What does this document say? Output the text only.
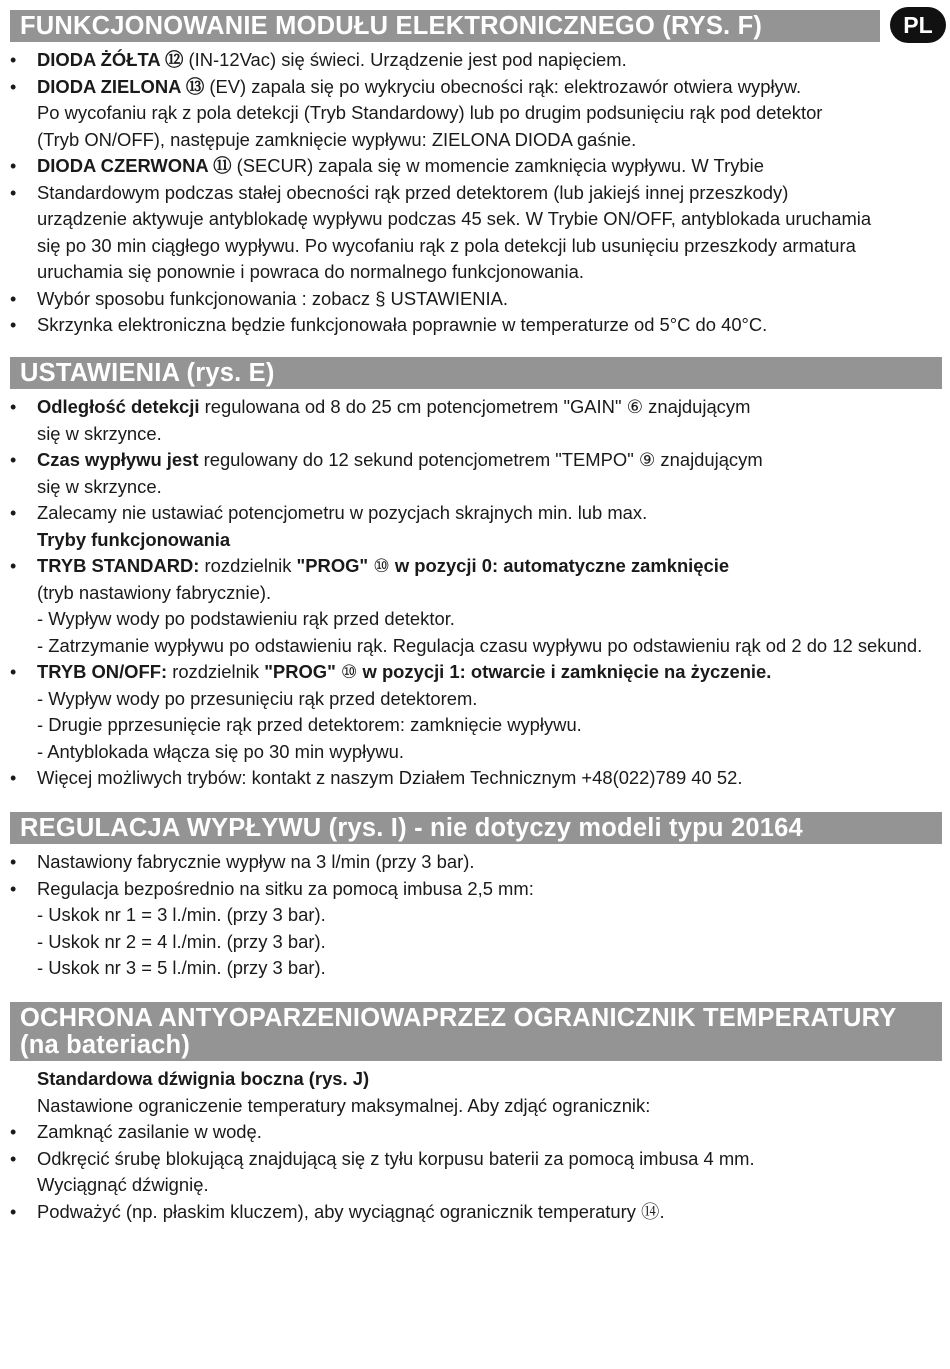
PL
FUNKCJONOWANIE MODUŁU ELEKTRONICZNEGO (RYS. F)
• DIODA ŻÓŁTA ⑫ (IN-12Vac) się świeci. Urządzenie jest pod napięciem.
• DIODA ZIELONA ⑬ (EV) zapala się po wykryciu obecności rąk: elektrozawór otwiera wypływ.
Po wycofaniu rąk z pola detekcji (Tryb Standardowy) lub po drugim podsunięciu rąk pod detektor
(Tryb ON/OFF), następuje zamknięcie wypływu: ZIELONA DIODA gaśnie.
• DIODA CZERWONA ⑪ (SECUR) zapala się w momencie zamknięcia wypływu. W Trybie
• Standardowym podczas stałej obecności rąk przed detektorem (lub jakiejś innej przeszkody)
urządzenie aktywuje antyblokadę wypływu podczas 45 sek. W Trybie ON/OFF, antyblokada uruchamia
się po 30 min ciągłego wypływu. Po wycofaniu rąk z pola detekcji lub usunięciu przeszkody armatura
uruchamia się ponownie i powraca do normalnego funkcjonowania.
• Wybór sposobu funkcjonowania : zobacz § USTAWIENIA.
• Skrzynka elektroniczna będzie funkcjonowała poprawnie w temperaturze od 5°C do 40°C.
USTAWIENIA (rys. E)
• Odległość detekcji regulowana od 8 do 25 cm potencjometrem "GAIN" ⑥ znajdującym
się w skrzynce.
• Czas wypływu jest regulowany do 12 sekund potencjometrem "TEMPO" ⑨ znajdującym
się w skrzynce.
• Zalecamy nie ustawiać potencjometru w pozycjach skrajnych min. lub max.
Tryby funkcjonowania
• TRYB STANDARD: rozdzielnik "PROG" ⑩ w pozycji 0: automatyczne zamknięcie
(tryb nastawiony fabrycznie).
- Wypływ wody po podstawieniu rąk przed detektor.
- Zatrzymanie wypływu po odstawieniu rąk. Regulacja czasu wypływu po odstawieniu rąk od 2 do 12 sekund.
• TRYB ON/OFF: rozdzielnik "PROG" ⑩ w pozycji 1: otwarcie i zamknięcie na życzenie.
- Wypływ wody po przesunięciu rąk przed detektorem.
- Drugie pprzesunięcie rąk przed detektorem: zamknięcie wypływu.
- Antyblokada włącza się po 30 min wypływu.
• Więcej możliwych trybów: kontakt z naszym Działem Technicznym +48(022)789 40 52.
REGULACJA WYPŁYWU (rys. I) - nie dotyczy modeli typu 20164
• Nastawiony fabrycznie wypływ na 3 l/min (przy 3 bar).
• Regulacja bezpośrednio na sitku za pomocą imbusa 2,5 mm:
- Uskok nr 1 = 3 l./min. (przy 3 bar).
- Uskok nr 2 = 4 l./min. (przy 3 bar).
- Uskok nr 3 = 5 l./min. (przy 3 bar).
OCHRONA ANTYOPARZENIOWAPRZEZ OGRANICZNIK TEMPERATURY
(na bateriach)
Standardowa dźwignia boczna (rys. J)
Nastawione ograniczenie temperatury maksymalnej. Aby zdjąć ogranicznik:
• Zamknąć zasilanie w wodę.
• Odkręcić śrubę blokującą znajdującą się z tyłu korpusu baterii za pomocą imbusa 4 mm.
Wyciągnąć dźwignię.
• Podważyć (np. płaskim kluczem), aby wyciągnąć ogranicznik temperatury ⑭.
